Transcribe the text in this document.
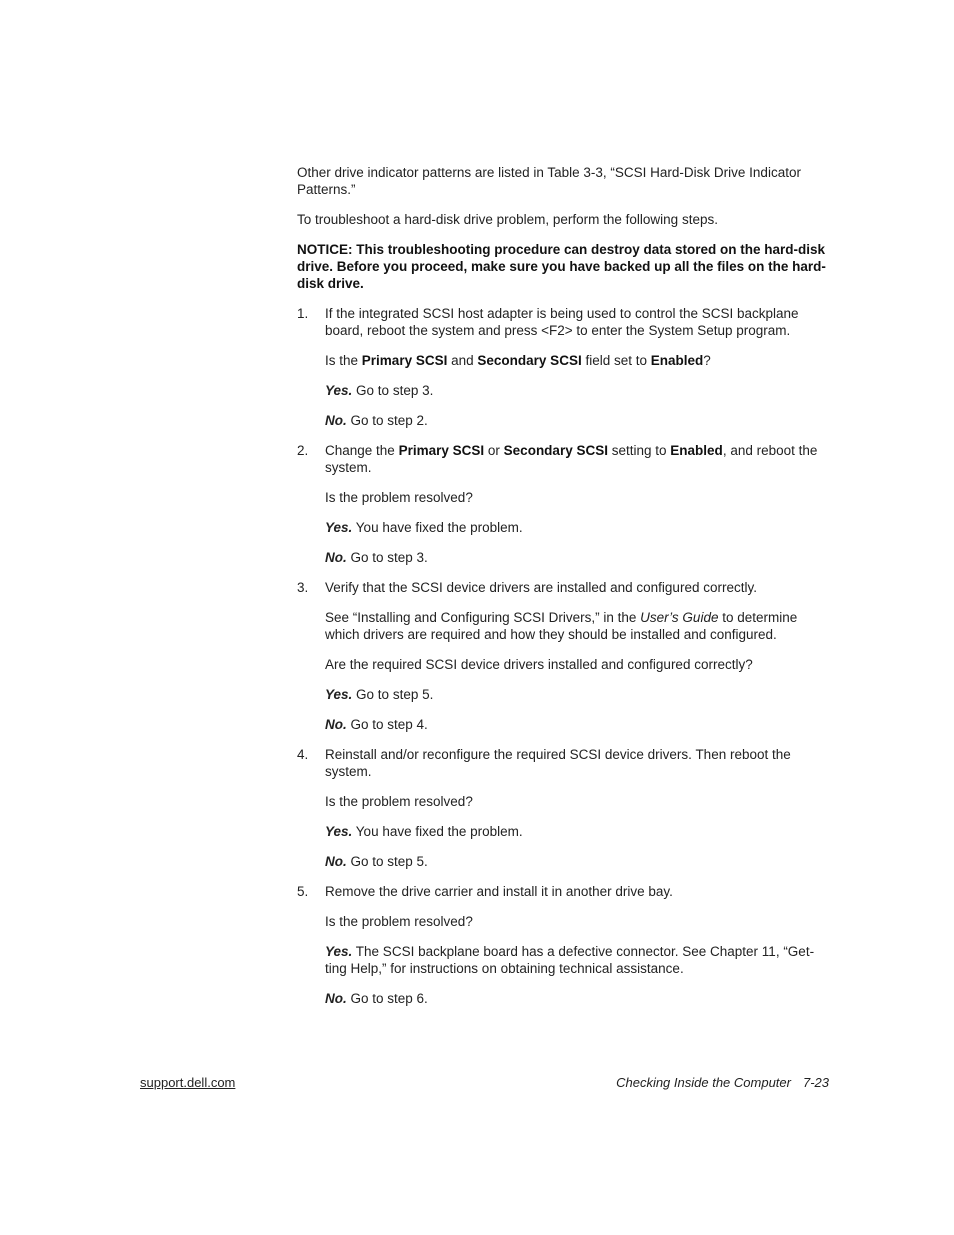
Other drive indicator patterns are listed in Table 3-3, “SCSI Hard-Disk Drive Indicator Patterns.”

To troubleshoot a hard-disk drive problem, perform the following steps.

NOTICE: This troubleshooting procedure can destroy data stored on the hard-disk drive. Before you proceed, make sure you have backed up all the files on the hard-disk drive.

1. If the integrated SCSI host adapter is being used to control the SCSI backplane board, reboot the system and press <F2> to enter the System Setup program.

Is the Primary SCSI and Secondary SCSI field set to Enabled?

Yes. Go to step 3.

No. Go to step 2.

2. Change the Primary SCSI or Secondary SCSI setting to Enabled, and reboot the system.

Is the problem resolved?

Yes. You have fixed the problem.

No. Go to step 3.

3. Verify that the SCSI device drivers are installed and configured correctly.

See “Installing and Configuring SCSI Drivers,” in the User’s Guide to determine which drivers are required and how they should be installed and configured.

Are the required SCSI device drivers installed and configured correctly?

Yes. Go to step 5.

No. Go to step 4.

4. Reinstall and/or reconfigure the required SCSI device drivers. Then reboot the system.

Is the problem resolved?

Yes. You have fixed the problem.

No. Go to step 5.

5. Remove the drive carrier and install it in another drive bay.

Is the problem resolved?

Yes. The SCSI backplane board has a defective connector. See Chapter 11, “Get-ting Help,” for instructions on obtaining technical assistance.

No. Go to step 6.

support.dell.com	Checking Inside the Computer 7-23
